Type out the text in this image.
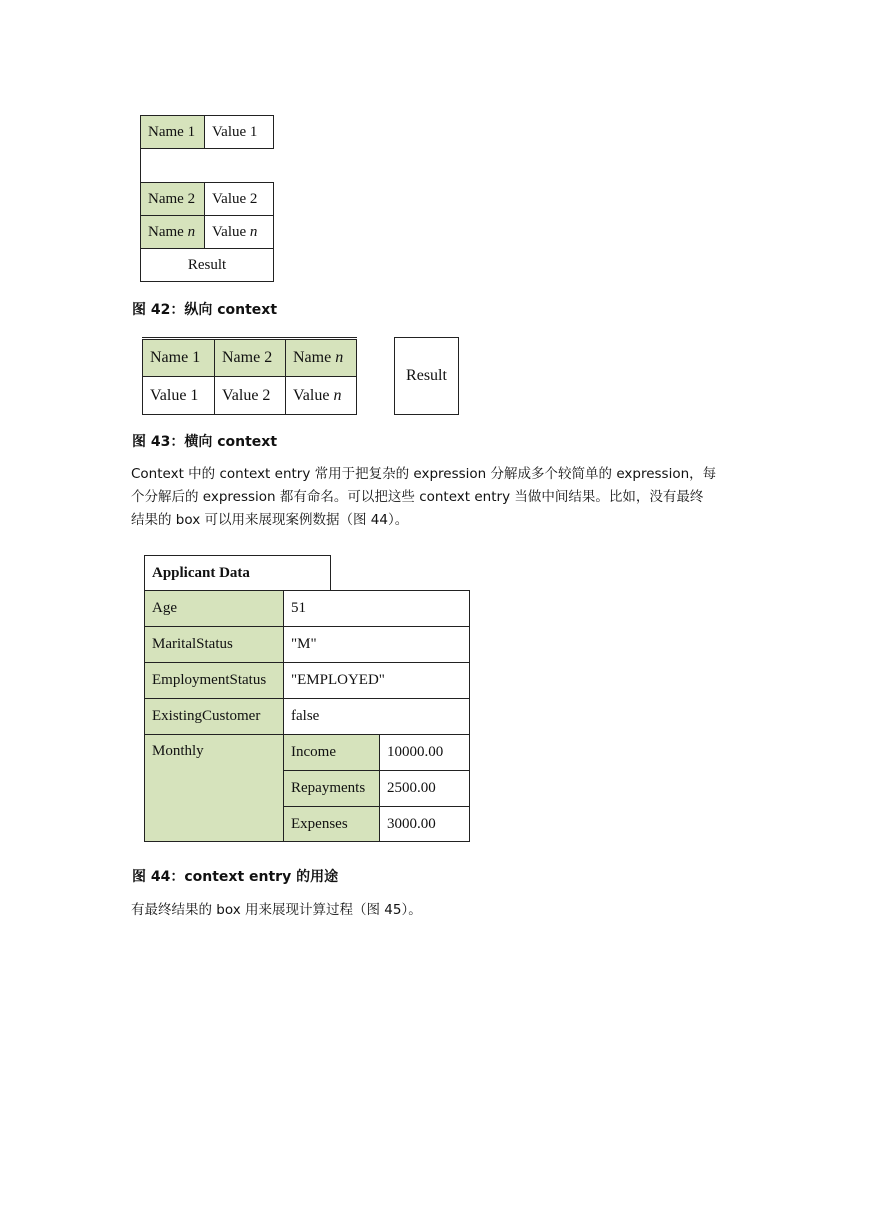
Name 1 Value 1
Name 2 Value 2
Name n Value n
Result
图 42：纵向 context
Name 1 Name 2 Name n
Value 1 Value 2 Value n
Result
图 43：横向 context
Context 中的 context entry 常用于把复杂的 expression 分解成多个较简单的 expression，每
个分解后的 expression 都有命名。可以把这些 context entry 当做中间结果。比如，没有最终
结果的 box 可以用来展现案例数据（图 44）。
Applicant Data
Age	51
MaritalStatus	"M"
EmploymentStatus "EMPLOYED"
ExistingCustomer false
Monthly	Income	10000.00
Repayments 2500.00
Expenses	3000.00
图 44：context entry 的用途
有最终结果的 box 用来展现计算过程（图 45）。
